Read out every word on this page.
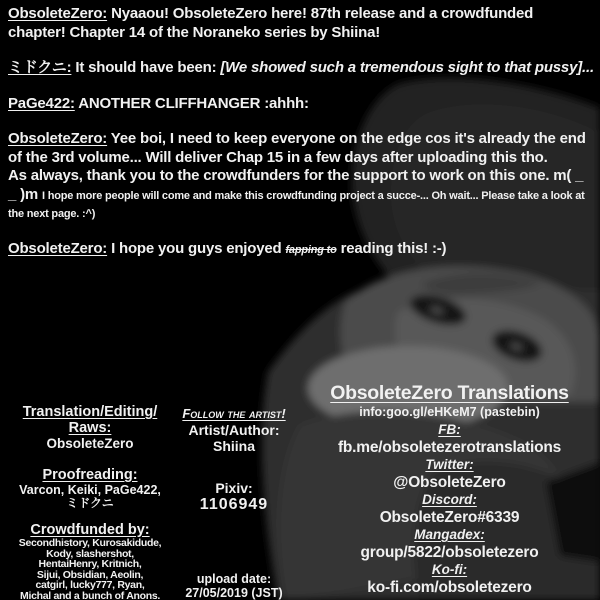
ObsoleteZero: Nyaaou! ObsoleteZero here! 87th release and a crowdfunded chapter! Chapter 14 of the Noraneko series by Shiina!

ミドクニ: It should have been: [We showed such a tremendous sight to that pussy]...

PaGe422: ANOTHER CLIFFHANGER :ahhh:

ObsoleteZero: Yee boi, I need to keep everyone on the edge cos it's already the end of the 3rd volume... Will deliver Chap 15 in a few days after uploading this tho.
As always, thank you to the crowdfunders for the support to work on this one. m( _ _ )m I hope more people will come and make this crowdfunding project a succe-... Oh wait... Please take a look at the next page. :^)

ObsoleteZero: I hope you guys enjoyed fapping to reading this! :-)

Translation/Editing/
Raws:
ObsoleteZero
Proofreading:
Varcon, Keiki, PaGe422,
ミドクニ
Crowdfunded by:
Secondhistory, Kurosakidude,
Kody, slashershot,
HentaiHenry, Kritnich,
Sijui, Obsidian, Aeolin,
catgirl, lucky777, Ryan,
Michal and a bunch of Anons.
Follow the artist!
Artist/Author:
Shiina
Pixiv:
1106949
upload date:
27/05/2019 (JST)
ObsoleteZero Translations
info:goo.gl/eHKeM7 (pastebin)
FB:
fb.me/obsoletezerotranslations
Twitter:
@ObsoleteZero
Discord:
ObsoleteZero#6339
Mangadex:
group/5822/obsoletezero
Ko-fi:
ko-fi.com/obsoletezero
